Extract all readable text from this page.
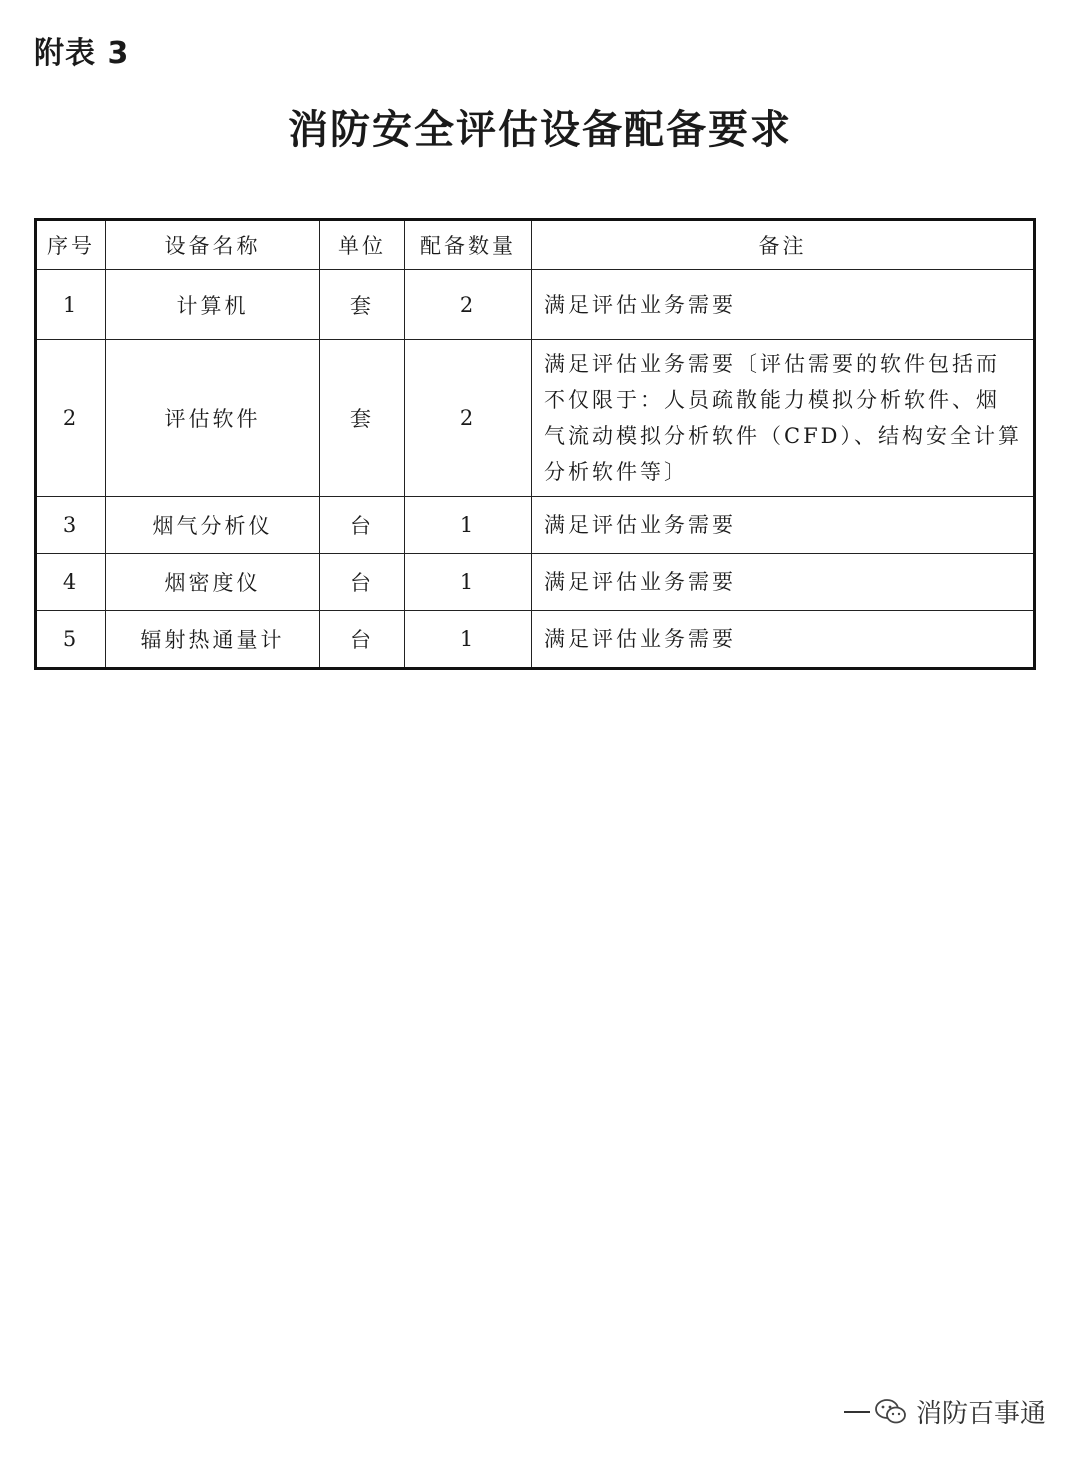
附表 3
消防安全评估设备配备要求
序号	设备名称	单位	配备数量	备注
1	计算机	套	2	满足评估业务需要
2	评估软件	套	2	满足评估业务需要〔评估需要的软件包括而不仅限于：人员疏散能力模拟分析软件、烟气流动模拟分析软件（CFD）、结构安全计算分析软件等〕
3	烟气分析仪	台	1	满足评估业务需要
4	烟密度仪	台	1	满足评估业务需要
5	辐射热通量计	台	1	满足评估业务需要
消防百事通
